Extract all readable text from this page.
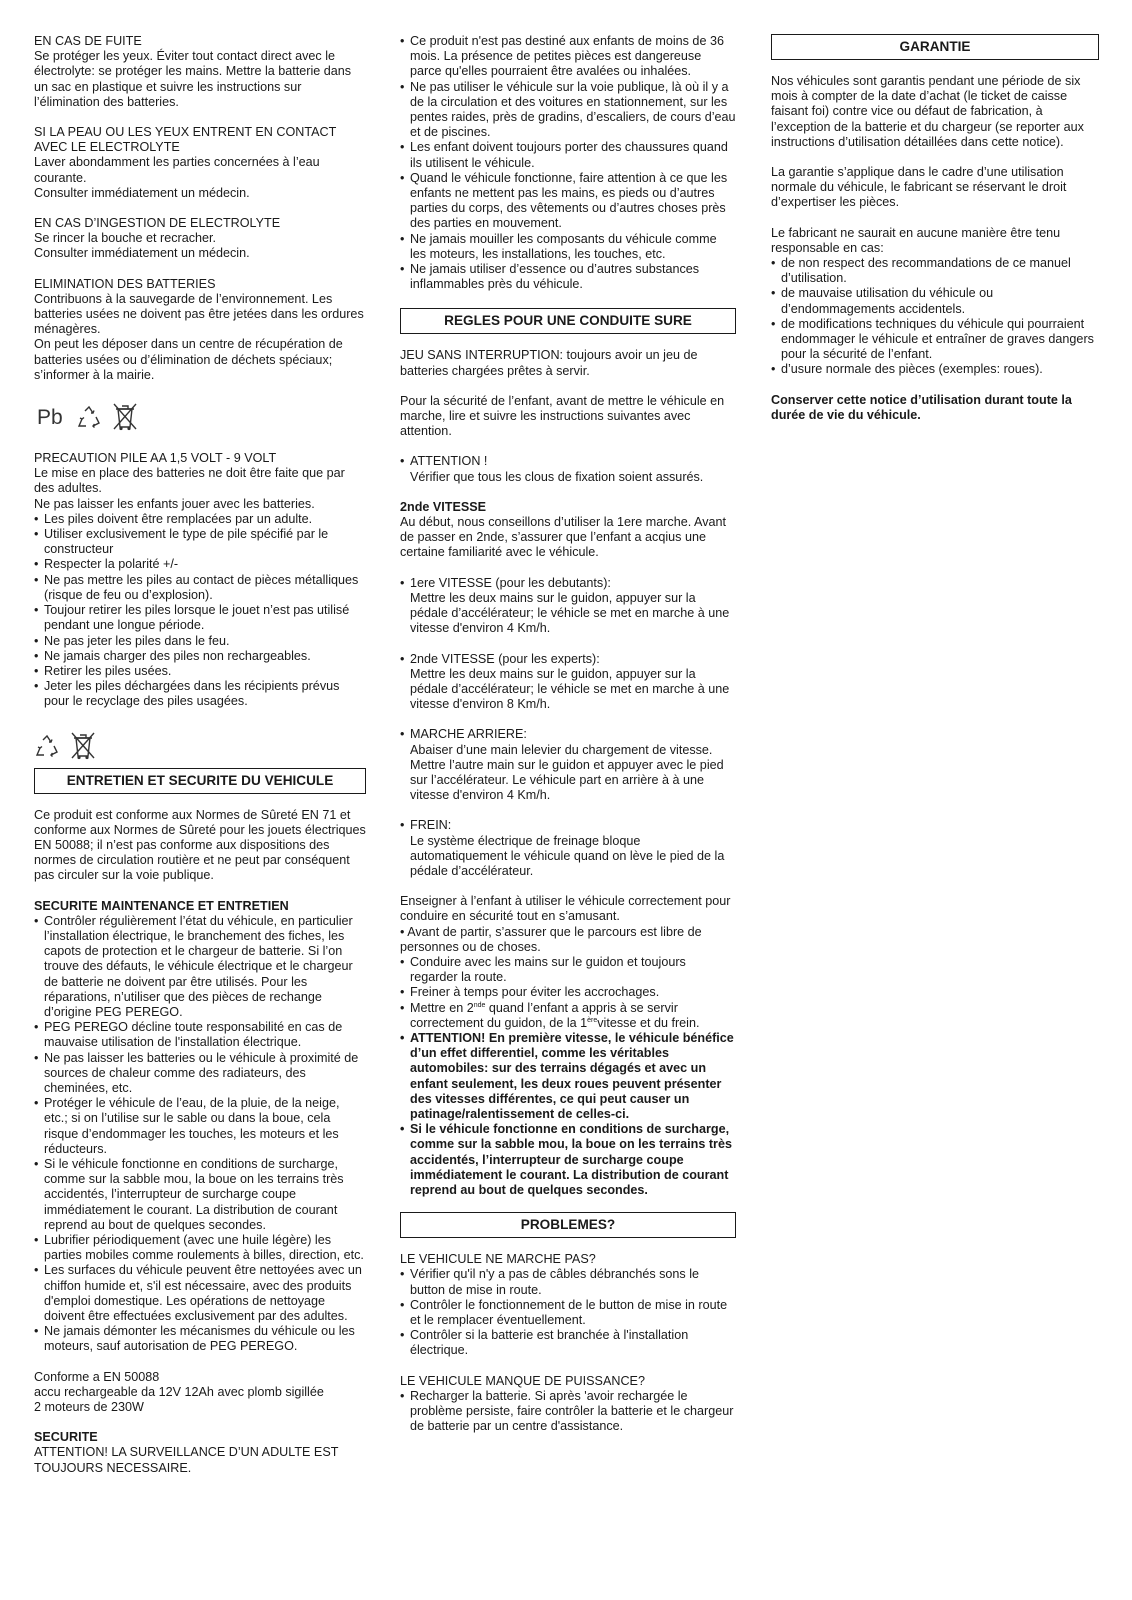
EN CAS DE FUITE

Se protéger les yeux. Éviter tout contact direct avec le électrolyte: se protéger les mains. Mettre la batterie dans un sac en plastique et suivre les instructions sur l’élimination des batteries.

SI LA PEAU OU LES YEUX ENTRENT EN CONTACT AVEC LE ELECTROLYTE

Laver abondamment les parties concernées à l’eau courante.

Consulter immédiatement un médecin.

EN CAS D’INGESTION DE ELECTROLYTE

Se rincer la bouche et recracher.

Consulter immédiatement un médecin.

ELIMINATION DES BATTERIES

Contribuons à la sauvegarde de l’environnement. Les batteries usées ne doivent pas être jetées dans les ordures ménagères.

On peut les déposer dans un centre de récupération de batteries usées ou d’élimination de déchets spéciaux; s’informer à la mairie.

Pb

PRECAUTION PILE AA 1,5 VOLT - 9 VOLT

Le mise en place des batteries ne doit être faite que par des adultes.

Ne pas laisser les enfants jouer avec les batteries.

• Les piles doivent être remplacées par un adulte.
• Utiliser exclusivement le type de pile spécifié par le constructeur
• Respecter la polarité +/-
• Ne pas mettre les piles au contact de pièces métalliques (risque de feu ou d’explosion).
• Toujour retirer les piles lorsque le jouet n’est pas utilisé pendant une longue période.
• Ne pas jeter les piles dans le feu.
• Ne jamais charger des piles non rechargeables.
• Retirer les piles usées.
• Jeter les piles déchargées dans les récipients prévus pour le recyclage des piles usagées.
ENTRETIEN ET SECURITE DU VEHICULE

Ce produit est conforme aux Normes de Sûreté EN 71 et conforme aux Normes de Sûreté pour les jouets électriques EN 50088; il n’est pas conforme aux dispositions des normes de circulation routière et ne peut par conséquent pas circuler sur la voie publique.

SECURITE MAINTENANCE ET ENTRETIEN

• Contrôler régulièrement l’état du véhicule, en particulier l’installation électrique, le branchement des fiches, les capots de protection et le chargeur de batterie. Si l’on trouve des défauts, le véhicule électrique et le chargeur de batterie ne doivent par être utilisés. Pour les réparations, n’utiliser que des pièces de rechange d’origine PEG PEREGO.
• PEG PEREGO décline toute responsabilité en cas de mauvaise utilisation de l'installation électrique.
• Ne pas laisser les batteries ou le véhicule à proximité de sources de chaleur comme des radiateurs, des cheminées, etc.
• Protéger le véhicule de l’eau, de la pluie, de la neige, etc.; si on l’utilise sur le sable ou dans la boue, cela risque d’endommager les touches, les moteurs et les réducteurs.
• Si le véhicule fonctionne en conditions de surcharge, comme sur la sabble mou, la boue on les terrains très accidentés, l’interrupteur de surcharge coupe immédiatement le courant. La distribution de courant reprend au bout de quelques secondes.
• Lubrifier périodiquement (avec une huile légère) les parties mobiles comme roulements à billes, direction, etc.
• Les surfaces du véhicule peuvent être nettoyées avec un chiffon humide et, s'il est nécessaire, avec des produits d'emploi domestique. Les opérations de nettoyage doivent être effectuées exclusivement par des adultes.
• Ne jamais démonter les mécanismes du véhicule ou les moteurs, sauf autorisation de PEG PEREGO.

Conforme a EN 50088

accu rechargeable da 12V 12Ah avec plomb sigillée

2 moteurs de 230W

SECURITE

ATTENTION! LA SURVEILLANCE D’UN ADULTE EST TOUJOURS NECESSAIRE.

• Ce produit n'est pas destiné aux enfants de moins de 36 mois. La présence de petites pièces est dangereuse parce qu'elles pourraient être avalées ou inhalées.
• Ne pas utiliser le véhicule sur la voie publique, là où il y a de la circulation et des voitures en stationnement, sur les pentes raides, près de gradins, d’escaliers, de cours d’eau et de piscines.
• Les enfant doivent toujours porter des chaussures quand ils utilisent le véhicule.
• Quand le véhicule fonctionne, faire attention à ce que les enfants ne mettent pas les mains, es pieds ou d’autres parties du corps, des vêtements ou d’autres choses près des parties en mouvement.
• Ne jamais mouiller les composants du véhicule comme les moteurs, les installations, les touches, etc.
• Ne jamais utiliser d’essence ou d’autres substances inflammables près du véhicule.
REGLES POUR UNE CONDUITE SURE

JEU SANS INTERRUPTION: toujours avoir un jeu de batteries chargées prêtes à servir.

Pour la sécurité de l’enfant, avant de mettre le véhicule en marche, lire et suivre les instructions suivantes avec attention.

• ATTENTION !
Vérifier que tous les clous de fixation soient assurés.

2nde VITESSE

Au début, nous conseillons d’utiliser la 1ere marche. Avant de passer en 2nde, s’assurer que l’enfant a acqius une certaine familiarité avec le véhicule.

• 1ere VITESSE (pour les debutants):
Mettre les deux mains sur le guidon, appuyer sur la pédale d’accélérateur; le véhicle se met en marche à une vitesse d'environ 4 Km/h.
• 2nde VITESSE (pour les experts):
Mettre les deux mains sur le guidon, appuyer sur la pédale d’accélérateur; le véhicle se met en marche à une vitesse d'environ 8 Km/h.
• MARCHE ARRIERE:
Abaiser d’une main lelevier du chargement de vitesse. Mettre l’autre main sur le guidon et appuyer avec le pied sur l’accélérateur. Le véhicule part en arrière à à une vitesse d'environ 4 Km/h.
• FREIN:
Le système électrique de freinage bloque automatiquement le véhicule quand on lève le pied de la pédale d’accélérateur.

Enseigner à l’enfant à utiliser le véhicule correctement pour conduire en sécurité tout en s’amusant.

• Avant de partir, s’assurer que le parcours est libre de personnes ou de choses.

• Conduire avec les mains sur le guidon et toujours regarder la route.
• Freiner à temps pour éviter les accrochages.
• Mettre en 2nde quand l’enfant a appris à se servir correctement du guidon, de la 1èrevitesse et du frein.
• ATTENTION! En première vitesse, le véhicule bénéfice d’un effet differentiel, comme les véritables automobiles: sur des terrains dégagés et avec un enfant seulement, les deux roues peuvent présenter des vitesses différentes, ce qui peut causer un patinage/ralentissement de celles-ci.
• Si le véhicule fonctionne en conditions de surcharge, comme sur la sabble mou, la boue on les terrains très accidentés, l’interrupteur de surcharge coupe immédiatement le courant. La distribution de courant reprend au bout de quelques secondes.
PROBLEMES?

LE VEHICULE NE MARCHE PAS?

• Vérifier qu'il n'y a pas de câbles débranchés sons le button de mise in route.
• Contrôler le fonctionnement de le button de mise in route et le remplacer éventuellement.
• Contrôler si la batterie est branchée à l'installation électrique.

LE VEHICULE MANQUE DE PUISSANCE?

• Recharger la batterie. Si après 'avoir rechargée le problème persiste, faire contrôler la batterie et le chargeur de batterie par un centre d'assistance.
GARANTIE

Nos véhicules sont garantis pendant une période de six mois à compter de la date d’achat (le ticket de caisse faisant foi) contre vice ou défaut de fabrication, à l’exception de la batterie et du chargeur (se reporter aux instructions d’utilisation détaillées dans cette notice).

La garantie s’applique dans le cadre d’une utilisation normale du véhicule, le fabricant se réservant le droit d’expertiser les pièces.

Le fabricant ne saurait en aucune manière être tenu responsable en cas:

• de non respect des recommandations de ce manuel d’utilisation.
• de mauvaise utilisation du véhicule ou d’endommagements accidentels.
• de modifications techniques du véhicule qui pourraient endommager le véhicule et entraîner de graves dangers pour la sécurité de l’enfant.
• d’usure normale des pièces (exemples: roues).

Conserver cette notice d’utilisation durant toute la durée de vie du véhicule.
